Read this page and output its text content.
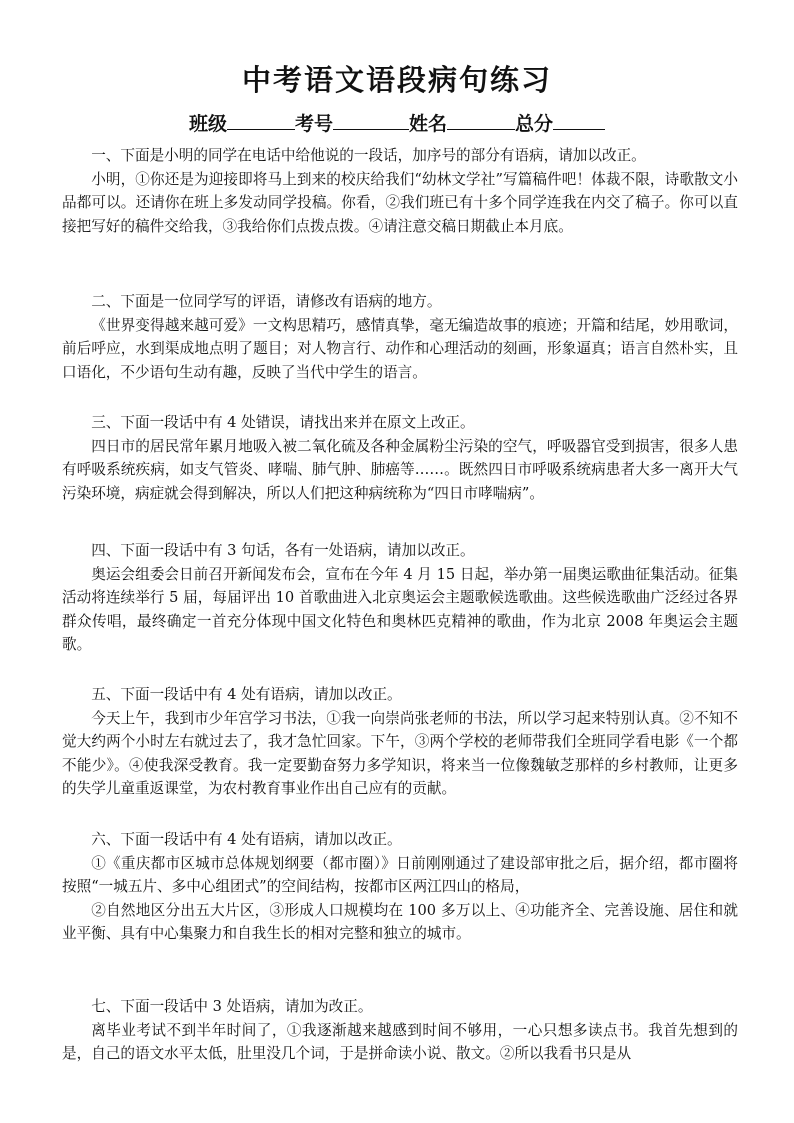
中考语文语段病句练习
班级	考号	姓名	总分

一、下面是小明的同学在电话中给他说的一段话，加序号的部分有语病，请加以改正。

小明，①你还是为迎接即将马上到来的校庆给我们“幼林文学社”写篇稿件吧！体裁不限，诗歌散文小品都可以。还请你在班上多发动同学投稿。你看，②我们班已有十多个同学连我在内交了稿子。你可以直接把写好的稿件交给我，③我给你们点拨点拨。④请注意交稿日期截止本月底。

二、下面是一位同学写的评语，请修改有语病的地方。

《世界变得越来越可爱》一文构思精巧，感情真挚，毫无编造故事的痕迹；开篇和结尾，妙用歌词，前后呼应，水到渠成地点明了题目；对人物言行、动作和心理活动的刻画，形象逼真；语言自然朴实，且口语化，不少语句生动有趣，反映了当代中学生的语言。

三、下面一段话中有 4 处错误，请找出来并在原文上改正。

四日市的居民常年累月地吸入被二氧化硫及各种金属粉尘污染的空气，呼吸器官受到损害，很多人患有呼吸系统疾病，如支气管炎、哮喘、肺气肿、肺癌等……。既然四日市呼吸系统病患者大多一离开大气污染环境，病症就会得到解决，所以人们把这种病统称为“四日市哮喘病”。

四、下面一段话中有 3 句话，各有一处语病，请加以改正。

奥运会组委会日前召开新闻发布会，宣布在今年 4 月 15 日起，举办第一届奥运歌曲征集活动。征集活动将连续举行 5 届，每届评出 10 首歌曲进入北京奥运会主题歌候选歌曲。这些候选歌曲广泛经过各界群众传唱，最终确定一首充分体现中国文化特色和奥林匹克精神的歌曲，作为北京 2008 年奥运会主题歌。

五、下面一段话中有 4 处有语病，请加以改正。

今天上午，我到市少年宫学习书法，①我一向崇尚张老师的书法，所以学习起来特别认真。②不知不觉大约两个小时左右就过去了，我才急忙回家。下午，③两个学校的老师带我们全班同学看电影《一个都不能少》。④使我深受教育。我一定要勤奋努力多学知识，将来当一位像魏敏芝那样的乡村教师，让更多的失学儿童重返课堂，为农村教育事业作出自己应有的贡献。

六、下面一段话中有 4 处有语病，请加以改正。

①《重庆都市区城市总体规划纲要（都市圈）》日前刚刚通过了建设部审批之后，据介绍，都市圈将按照“一城五片、多中心组团式”的空间结构，按都市区两江四山的格局，

②自然地区分出五大片区，③形成人口规模均在 100 多万以上、④功能齐全、完善设施、居住和就业平衡、具有中心集聚力和自我生长的相对完整和独立的城市。

七、下面一段话中 3 处语病，请加为改正。

离毕业考试不到半年时间了，①我逐渐越来越感到时间不够用，一心只想多读点书。我首先想到的是，自己的语文水平太低，肚里没几个词，于是拼命读小说、散文。②所以我看书只是从
